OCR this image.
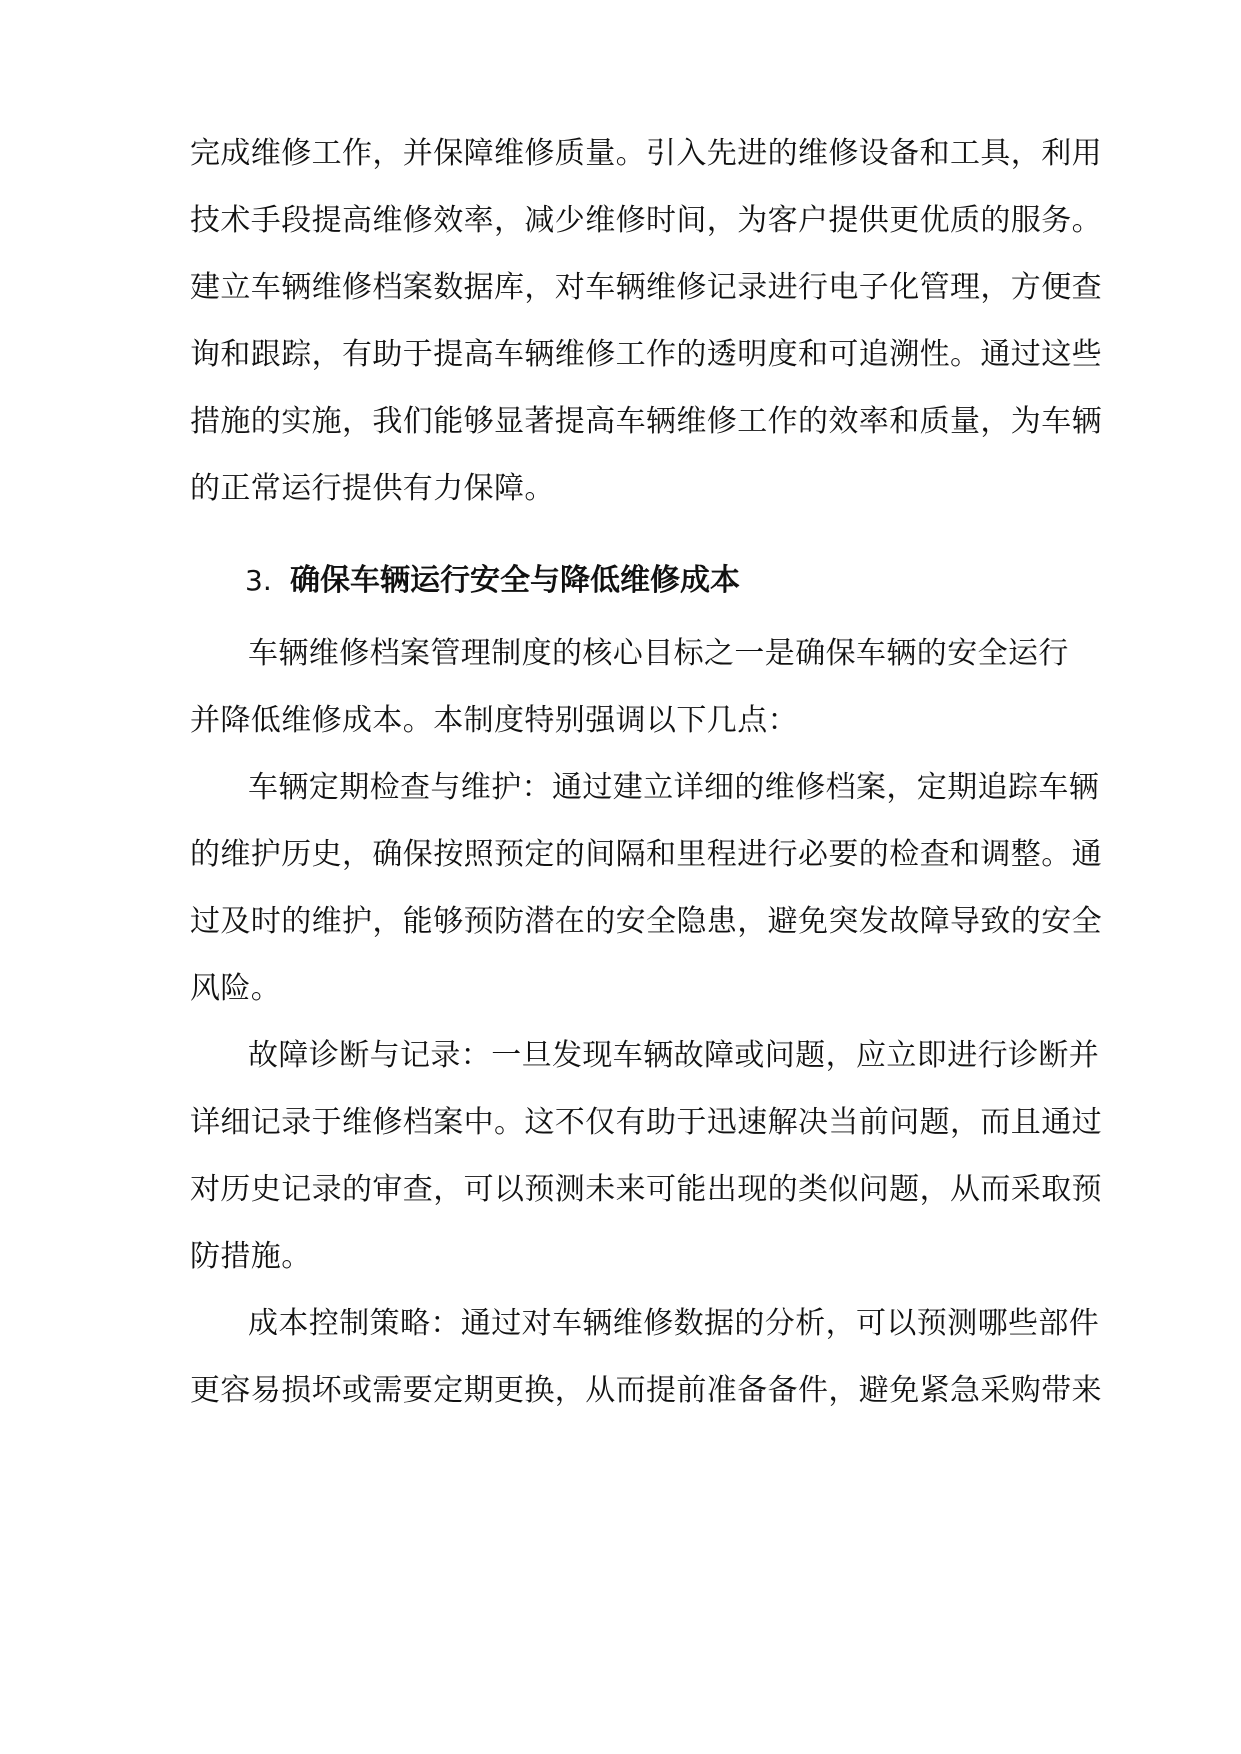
完成维修工作，并保障维修质量。引入先进的维修设备和工具，利用
技术手段提高维修效率，减少维修时间，为客户提供更优质的服务。
建立车辆维修档案数据库，对车辆维修记录进行电子化管理，方便查
询和跟踪，有助于提高车辆维修工作的透明度和可追溯性。通过这些
措施的实施，我们能够显著提高车辆维修工作的效率和质量，为车辆
的正常运行提供有力保障。
3. 确保车辆运行安全与降低维修成本
车辆维修档案管理制度的核心目标之一是确保车辆的安全运行
并降低维修成本。本制度特别强调以下几点：
车辆定期检查与维护：通过建立详细的维修档案，定期追踪车辆
的维护历史，确保按照预定的间隔和里程进行必要的检查和调整。通
过及时的维护，能够预防潜在的安全隐患，避免突发故障导致的安全
风险。
故障诊断与记录：一旦发现车辆故障或问题，应立即进行诊断并
详细记录于维修档案中。这不仅有助于迅速解决当前问题，而且通过
对历史记录的审查，可以预测未来可能出现的类似问题，从而采取预
防措施。
成本控制策略：通过对车辆维修数据的分析，可以预测哪些部件
更容易损坏或需要定期更换，从而提前准备备件，避免紧急采购带来
